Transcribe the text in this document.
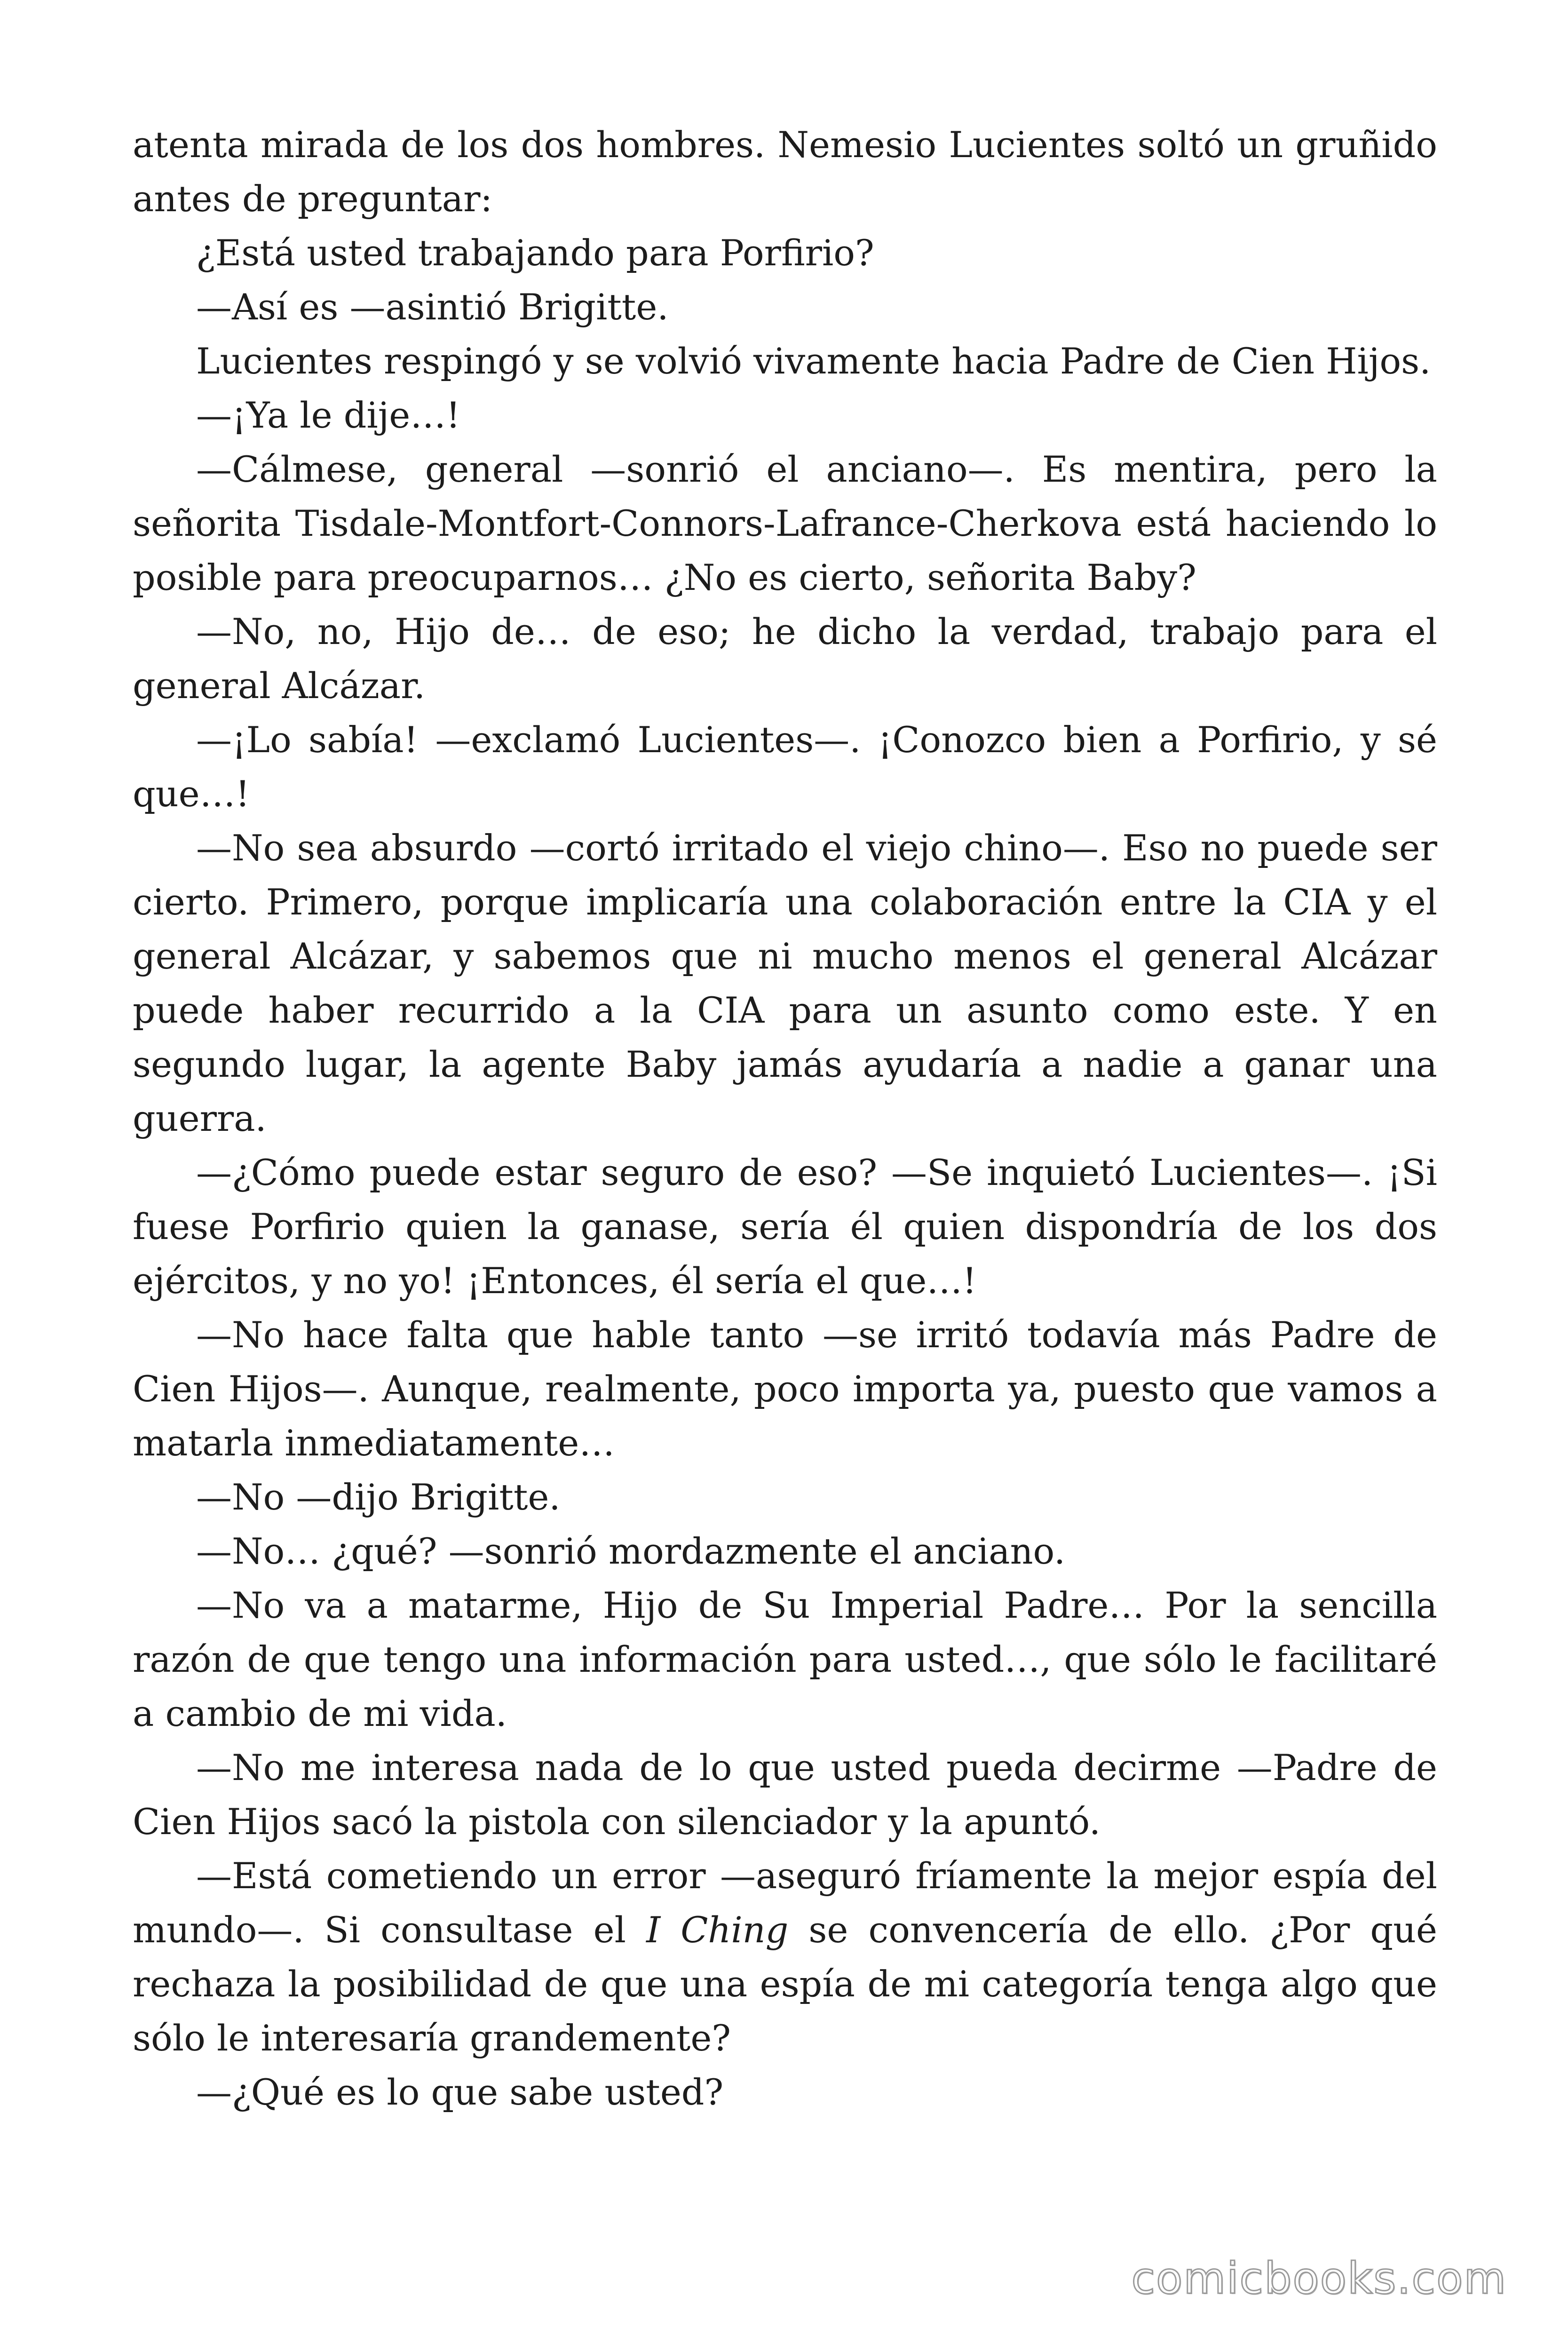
atenta mirada de los dos hombres. Nemesio Lucientes soltó un gruñido antes de preguntar:

¿Está usted trabajando para Porfirio?

—Así es —asintió Brigitte.

Lucientes respingó y se volvió vivamente hacia Padre de Cien Hijos.

—¡Ya le dije…!

—Cálmese, general —sonrió el anciano—. Es mentira, pero la señorita Tisdale-Montfort-Connors-Lafrance-Cherkova está haciendo lo posible para preocuparnos… ¿No es cierto, señorita Baby?

—No, no, Hijo de… de eso; he dicho la verdad, trabajo para el general Alcázar.

—¡Lo sabía! —exclamó Lucientes—. ¡Conozco bien a Porfirio, y sé que…!

—No sea absurdo —cortó irritado el viejo chino—. Eso no puede ser cierto. Primero, porque implicaría una colaboración entre la CIA y el general Alcázar, y sabemos que ni mucho menos el general Alcázar puede haber recurrido a la CIA para un asunto como este. Y en segundo lugar, la agente Baby jamás ayudaría a nadie a ganar una guerra.

—¿Cómo puede estar seguro de eso? —Se inquietó Lucientes—. ¡Si fuese Porfirio quien la ganase, sería él quien dispondría de los dos ejércitos, y no yo! ¡Entonces, él sería el que…!

—No hace falta que hable tanto —se irritó todavía más Padre de Cien Hijos—. Aunque, realmente, poco importa ya, puesto que vamos a matarla inmediatamente…

—No —dijo Brigitte.

—No… ¿qué? —sonrió mordazmente el anciano.

—No va a matarme, Hijo de Su Imperial Padre… Por la sencilla razón de que tengo una información para usted…, que sólo le facilitaré a cambio de mi vida.

—No me interesa nada de lo que usted pueda decirme —Padre de Cien Hijos sacó la pistola con silenciador y la apuntó.

—Está cometiendo un error —aseguró fríamente la mejor espía del mundo—. Si consultase el I Ching se convencería de ello. ¿Por qué rechaza la posibilidad de que una espía de mi categoría tenga algo que sólo le interesaría grandemente?

—¿Qué es lo que sabe usted?

comicbooks.com
